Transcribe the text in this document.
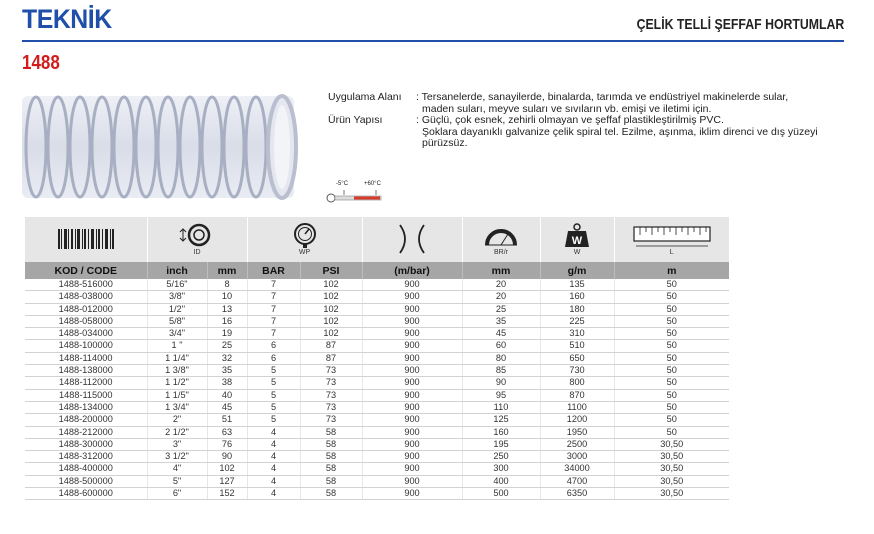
TEKNİK	ÇELİK TELLİ ŞEFFAF HORTUMLAR
1488
Uygulama Alanı	: Tersanelerde, sanayilerde, binalarda, tarımda ve endüstriyel makinelerde sular,
maden suları, meyve suları ve sıvıların vb. emişi ve iletimi için.
Ürün Yapısı	: Güçlü, çok esnek, zehirli olmayan ve şeffaf plastikleştirilmiş PVC.
Şoklara dayanıklı galvanize çelik spiral tel. Ezilme, aşınma, iklim direnci ve dış yüzeyi
pürüzsüz.
-5°C	+60°C

ID		WP			BR/r	W
W	L

KOD / CODE	inch	mm	BAR	PSI	(m/bar)	mm	g/m	m
1488-516000	5/16"	8	7	102	900	20	135	50
1488-038000	3/8"	10	7	102	900	20	160	50
1488-012000	1/2''	13	7	102	900	25	180	50
1488-058000	5/8"	16	7	102	900	35	225	50
1488-034000	3/4"	19	7	102	900	45	310	50
1488-100000	1 "	25	6	87	900	60	510	50
1488-114000	1 1/4"	32	6	87	900	80	650	50
1488-138000	1 3/8"	35	5	73	900	85	730	50
1488-112000	1 1/2"	38	5	73	900	90	800	50
1488-115000	1 1/5"	40	5	73	900	95	870	50
1488-134000	1 3/4"	45	5	73	900	110	1100	50
1488-200000	2"	51	5	73	900	125	1200	50
1488-212000	2 1/2"	63	4	58	900	160	1950	50
1488-300000	3"	76	4	58	900	195	2500	30,50
1488-312000	3 1/2"	90	4	58	900	250	3000	30,50
1488-400000	4"	102	4	58	900	300	34000	30,50
1488-500000	5"	127	4	58	900	400	4700	30,50
1488-600000	6"	152	4	58	900	500	6350	30,50
